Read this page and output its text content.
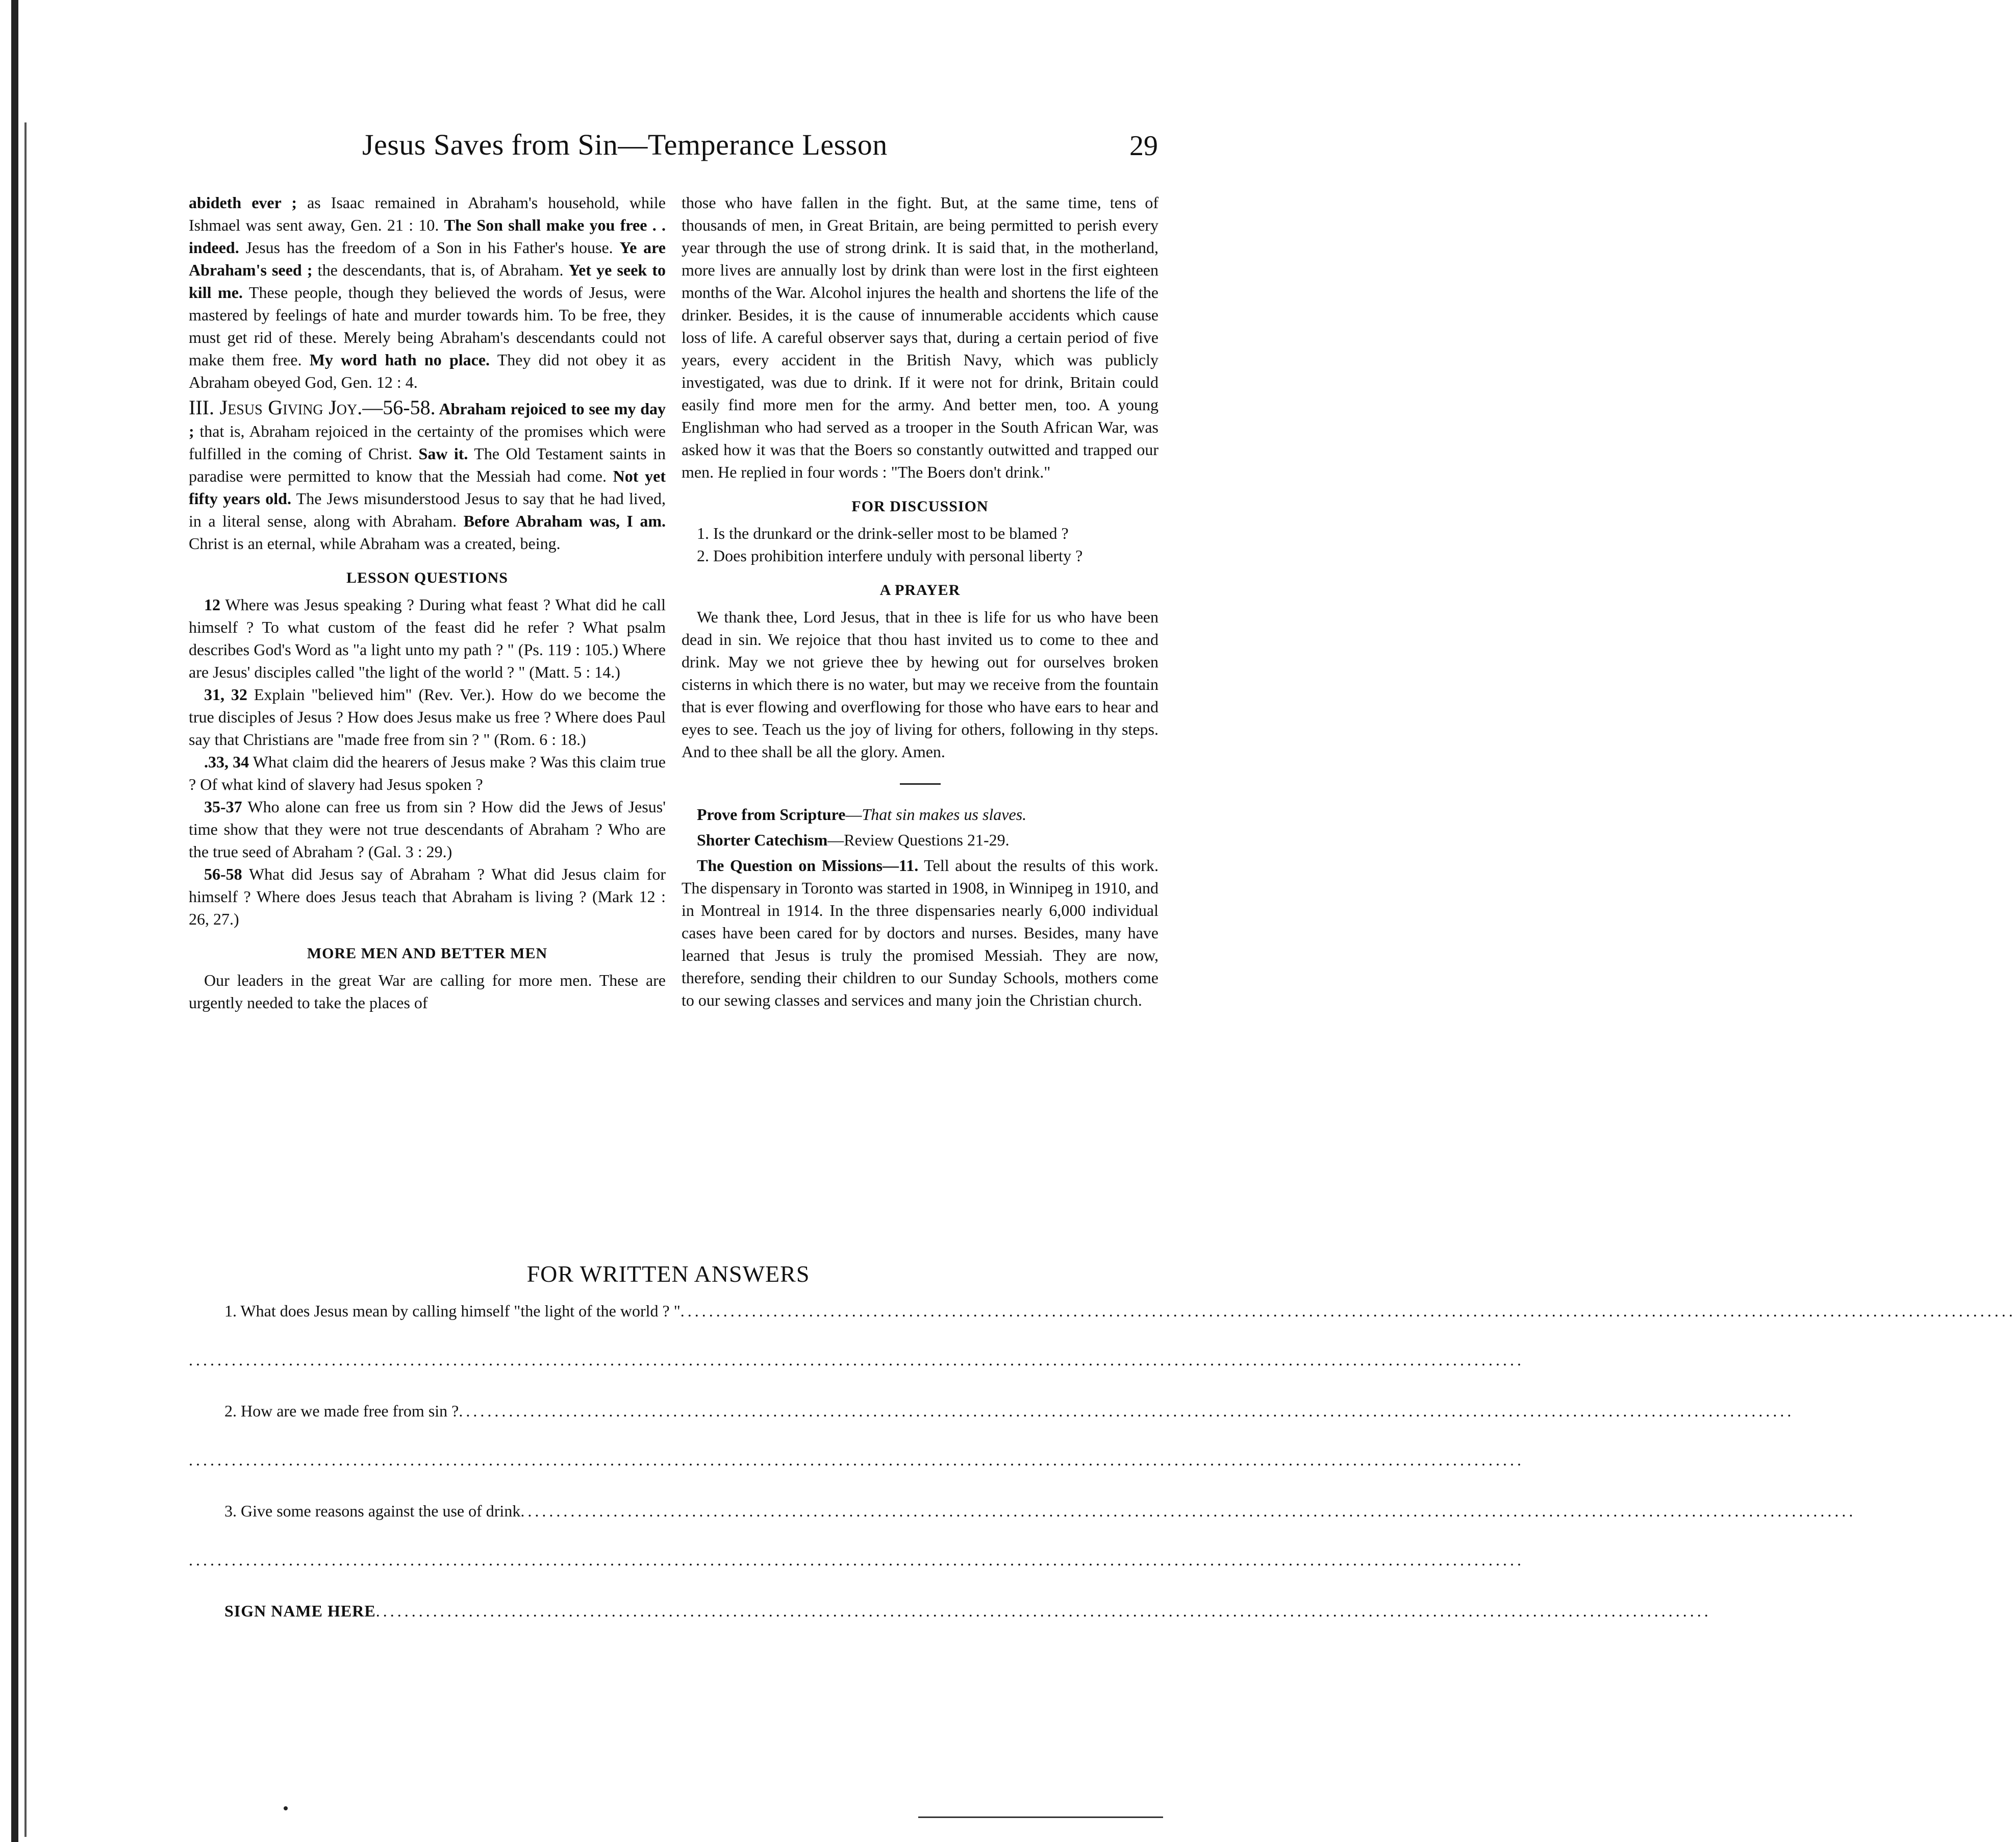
Jesus Saves from Sin—Temperance Lesson	29

abideth ever ; as Isaac remained in Abraham's household, while Ishmael was sent away, Gen. 21 : 10. The Son shall make you free . . indeed. Jesus has the freedom of a Son in his Father's house. Ye are Abraham's seed ; the descendants, that is, of Abraham. Yet ye seek to kill me. These people, though they believed the words of Jesus, were mastered by feelings of hate and murder towards him. To be free, they must get rid of these. Merely being Abraham's descendants could not make them free. My word hath no place. They did not obey it as Abraham obeyed God, Gen. 12 : 4.

III. Jesus Giving Joy.—56-58. Abraham rejoiced to see my day ; that is, Abraham rejoiced in the certainty of the promises which were fulfilled in the coming of Christ. Saw it. The Old Testament saints in paradise were permitted to know that the Messiah had come. Not yet fifty years old. The Jews misunderstood Jesus to say that he had lived, in a literal sense, along with Abraham. Before Abraham was, I am. Christ is an eternal, while Abraham was a created, being.

LESSON QUESTIONS

12 Where was Jesus speaking ? During what feast ? What did he call himself ? To what custom of the feast did he refer ? What psalm describes God's Word as "a light unto my path ? " (Ps. 119 : 105.) Where are Jesus' disciples called "the light of the world ? " (Matt. 5 : 14.)

31, 32 Explain "believed him" (Rev. Ver.). How do we become the true disciples of Jesus ? How does Jesus make us free ? Where does Paul say that Christians are "made free from sin ? " (Rom. 6 : 18.)

.33, 34 What claim did the hearers of Jesus make ? Was this claim true ? Of what kind of slavery had Jesus spoken ?

35-37 Who alone can free us from sin ? How did the Jews of Jesus' time show that they were not true descendants of Abraham ? Who are the true seed of Abraham ? (Gal. 3 : 29.)

56-58 What did Jesus say of Abraham ? What did Jesus claim for himself ? Where does Jesus teach that Abraham is living ? (Mark 12 : 26, 27.)

MORE MEN AND BETTER MEN

Our leaders in the great War are calling for more men. These are urgently needed to take the places of

those who have fallen in the fight. But, at the same time, tens of thousands of men, in Great Britain, are being permitted to perish every year through the use of strong drink. It is said that, in the motherland, more lives are annually lost by drink than were lost in the first eighteen months of the War. Alcohol injures the health and shortens the life of the drinker. Besides, it is the cause of innumerable accidents which cause loss of life. A careful observer says that, during a certain period of five years, every accident in the British Navy, which was publicly investigated, was due to drink. If it were not for drink, Britain could easily find more men for the army. And better men, too. A young Englishman who had served as a trooper in the South African War, was asked how it was that the Boers so constantly outwitted and trapped our men. He replied in four words : "The Boers don't drink."

FOR DISCUSSION

1. Is the drunkard or the drink-seller most to be blamed ?

2. Does prohibition interfere unduly with personal liberty ?

A PRAYER

We thank thee, Lord Jesus, that in thee is life for us who have been dead in sin. We rejoice that thou hast invited us to come to thee and drink. May we not grieve thee by hewing out for ourselves broken cisterns in which there is no water, but may we receive from the fountain that is ever flowing and overflowing for those who have ears to hear and eyes to see. Teach us the joy of living for others, following in thy steps. And to thee shall be all the glory. Amen.

Prove from Scripture—That sin makes us slaves.

Shorter Catechism—Review Questions 21-29.

The Question on Missions—11. Tell about the results of this work. The dispensary in Toronto was started in 1908, in Winnipeg in 1910, and in Montreal in 1914. In the three dispensaries nearly 6,000 individual cases have been cared for by doctors and nurses. Besides, many have learned that Jesus is truly the promised Messiah. They are now, therefore, sending their children to our Sunday Schools, mothers come to our sewing classes and services and many join the Christian church.

FOR WRITTEN ANSWERS
1. What does Jesus mean by calling himself "the light of the world ? "...........................................................................................................................................................................................
...........................................................................................................................................................................................
2. How are we made free from sin ?...........................................................................................................................................................................................
...........................................................................................................................................................................................
3. Give some reasons against the use of drink...........................................................................................................................................................................................
...........................................................................................................................................................................................
SIGN NAME HERE...........................................................................................................................................................................................
